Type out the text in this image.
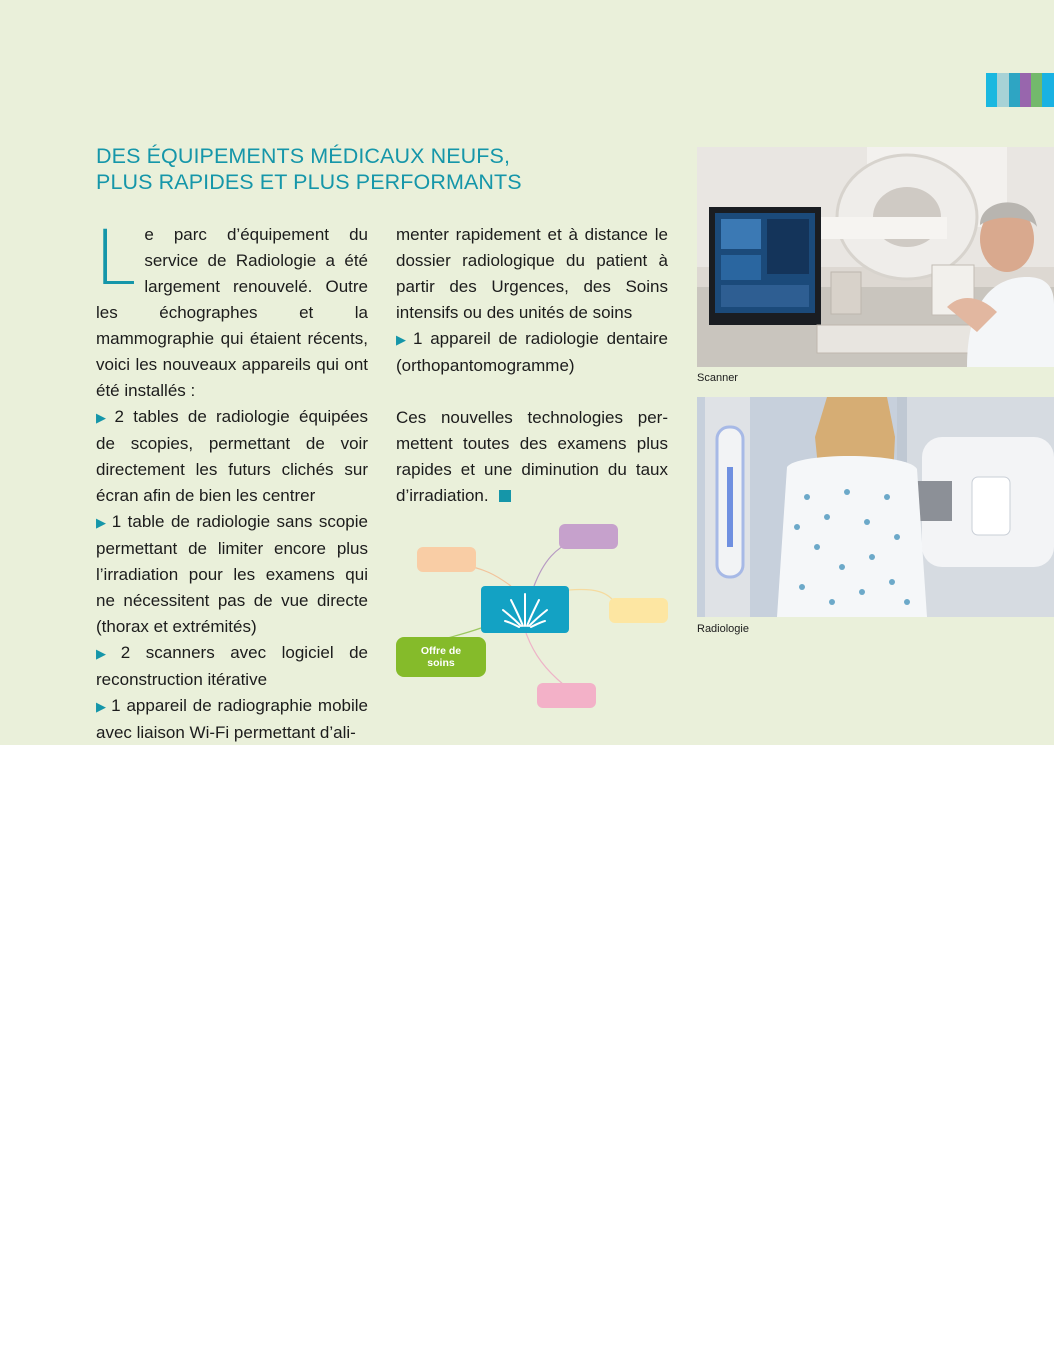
DES ÉQUIPEMENTS MÉDICAUX NEUFS,
PLUS RAPIDES ET PLUS PERFORMANTS

Le parc d’équipement du service de Radiologie a été largement renouvelé. Outre les échographes et la mammographie qui étaient récents, voici les nouveaux appareils qui ont été installés :

▶ 2 tables de radiologie équipées de scopies, permettant de voir directement les futurs clichés sur écran afin de bien les centrer

▶ 1 table de radiologie sans scopie permettant de limiter encore plus l’irradiation pour les examens qui ne nécessitent pas de vue directe (thorax et extrémités)

▶ 2 scanners avec logiciel de reconstruction itérative

▶ 1 appareil de radiographie mobile avec liaison Wi-Fi permettant d’ali-

menter rapidement et à distance le dossier radiologique du patient à partir des Urgences, des Soins intensifs ou des unités de soins

▶ 1 appareil de radiologie dentaire (orthopantomogramme)

Ces nouvelles technologies permettent toutes des examens plus rapides et une diminution du taux d’irradiation.

Offre de soins
Scanner
Radiologie
